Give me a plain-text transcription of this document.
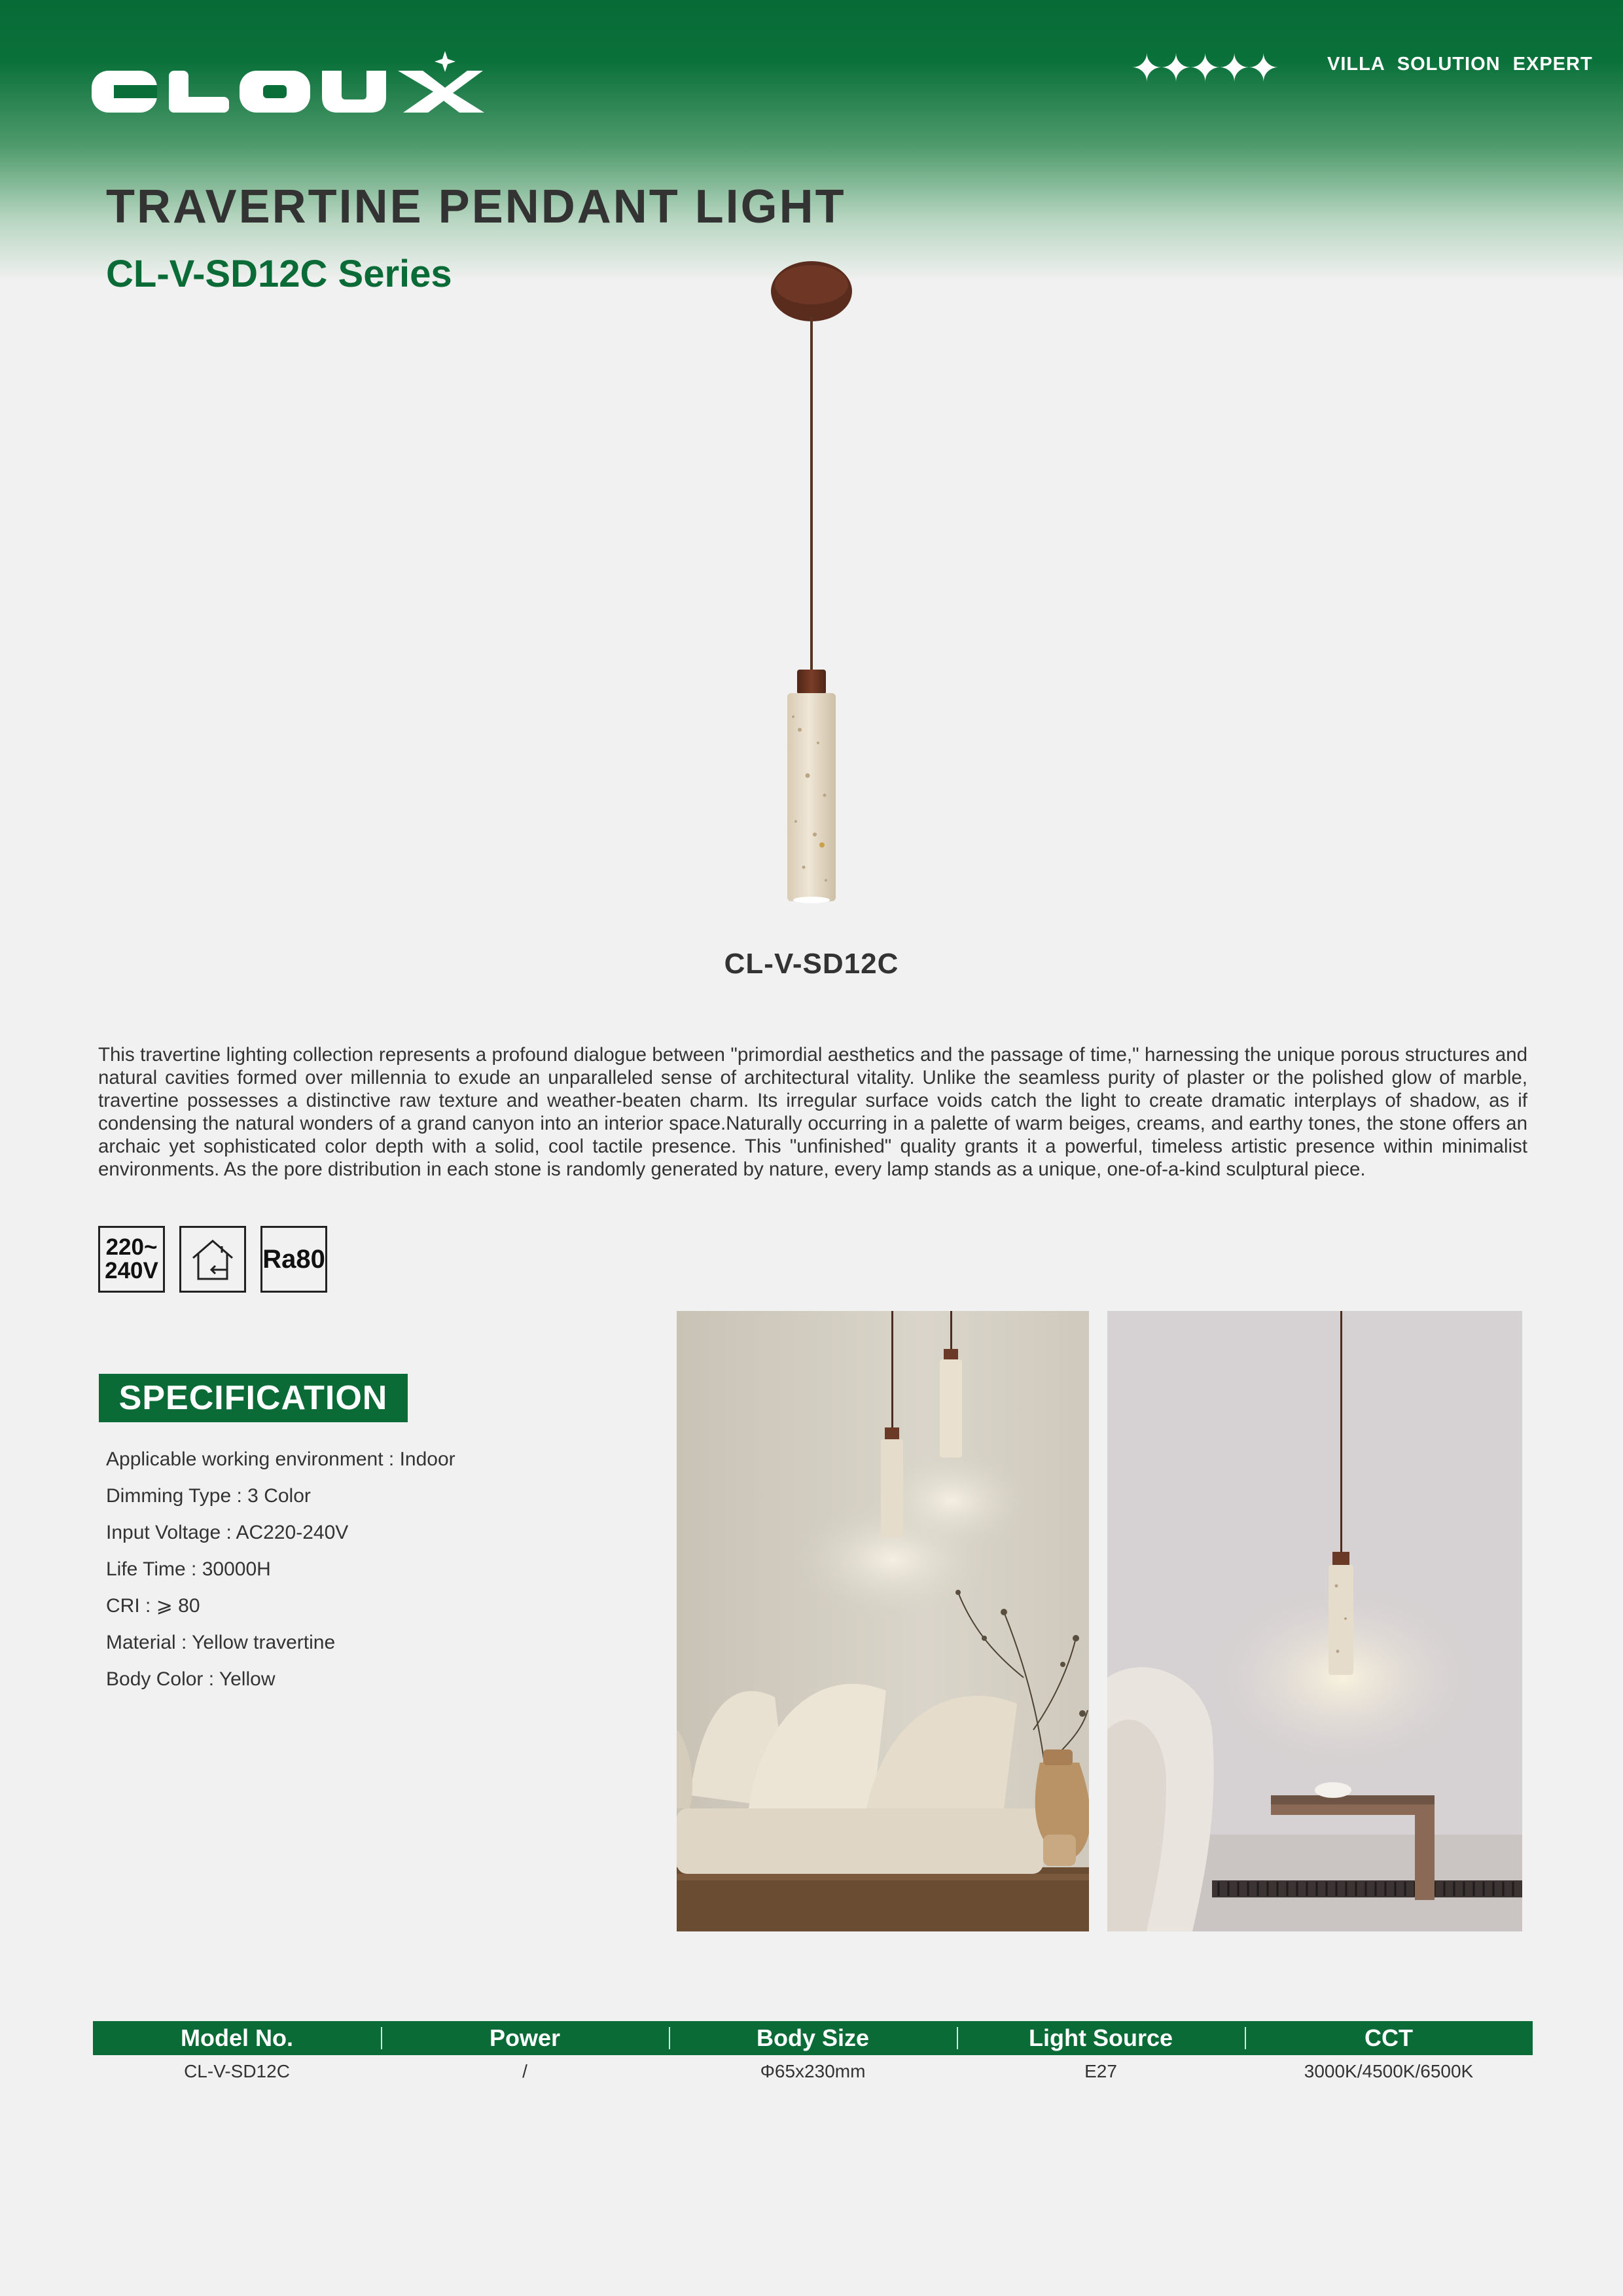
✦✦✦✦✦	VILLA SOLUTION EXPERT
TRAVERTINE PENDANT LIGHT
CL-V-SD12C Series
CL-V-SD12C

This travertine lighting collection represents a profound dialogue between "primordial aesthetics and the passage of time," harnessing the unique porous structures and natural cavities formed over millennia to exude an unparalleled sense of architectural vitality. Unlike the seamless purity of plaster or the polished glow of marble, travertine possesses a distinctive raw texture and weather-beaten charm. Its irregular surface voids catch the light to create dramatic interplays of shadow, as if condensing the natural wonders of a grand canyon into an interior space.Naturally occurring in a palette of warm beiges, creams, and earthy tones, the stone offers an archaic yet sophisticated color depth with a solid, cool tactile presence. This "unfinished" quality grants it a powerful, timeless artistic presence within minimalist environments. As the pore distribution in each stone is randomly generated by nature, every lamp stands as a unique, one-of-a-kind sculptural piece.

220~
240V	Ra80
SPECIFICATION
Applicable working environment : Indoor
Dimming Type : 3 Color
Input Voltage : AC220-240V
Life Time : 30000H
CRI : ⩾ 80
Material : Yellow travertine
Body Color : Yellow
Model No.	Power	Body Size	Light Source	CCT
CL-V-SD12C	/	Φ65x230mm	E27	3000K/4500K/6500K
